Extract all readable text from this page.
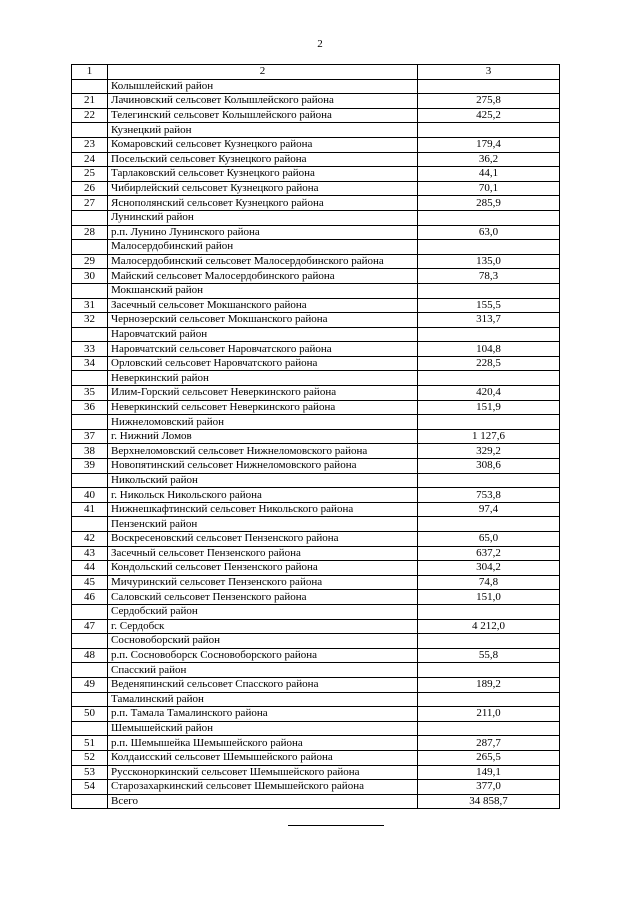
2
1	2	3
	Колышлейский район	
21	Лачиновский сельсовет Колышлейского района	275,8
22	Телегинский сельсовет Колышлейского района	425,2
	Кузнецкий район	
23	Комаровский сельсовет Кузнецкого района	179,4
24	Посельский сельсовет Кузнецкого района	36,2
25	Тарлаковский сельсовет Кузнецкого района	44,1
26	Чибирлейский сельсовет Кузнецкого района	70,1
27	Яснополянский сельсовет Кузнецкого района	285,9
	Лунинский район	
28	р.п. Лунино Лунинского района	63,0
	Малосердобинский район	
29	Малосердобинский сельсовет Малосердобинского района	135,0
30	Майский сельсовет Малосердобинского района	78,3
	Мокшанский район	
31	Засечный сельсовет Мокшанского района	155,5
32	Чернозерский сельсовет Мокшанского района	313,7
	Наровчатский район	
33	Наровчатский сельсовет Наровчатского района	104,8
34	Орловский сельсовет Наровчатского района	228,5
	Неверкинский район	
35	Илим-Горский сельсовет Неверкинского района	420,4
36	Неверкинский сельсовет Неверкинского района	151,9
	Нижнеломовский район	
37	г. Нижний Ломов	1 127,6
38	Верхнеломовский сельсовет Нижнеломовского района	329,2
39	Новопятинский сельсовет Нижнеломовского района	308,6
	Никольский район	
40	г. Никольск Никольского района	753,8
41	Нижнешкафтинский сельсовет Никольского района	97,4
	Пензенский район	
42	Воскресеновский сельсовет Пензенского района	65,0
43	Засечный сельсовет Пензенского района	637,2
44	Кондольский сельсовет Пензенского района	304,2
45	Мичуринский сельсовет Пензенского района	74,8
46	Саловский сельсовет Пензенского района	151,0
	Сердобский район	
47	г. Сердобск	4 212,0
	Сосновоборский район	
48	р.п. Сосновоборск Сосновоборского района	55,8
	Спасский район	
49	Веденяпинский сельсовет Спасского района	189,2
	Тамалинский район	
50	р.п. Тамала Тамалинского района	211,0
	Шемышейский район	
51	р.п. Шемышейка Шемышейского района	287,7
52	Колдаисский сельсовет Шемышейского района	265,5
53	Руссконоркинский сельсовет Шемышейского района	149,1
54	Старозахаркинский сельсовет Шемышейского района	377,0
	Всего	34 858,7
